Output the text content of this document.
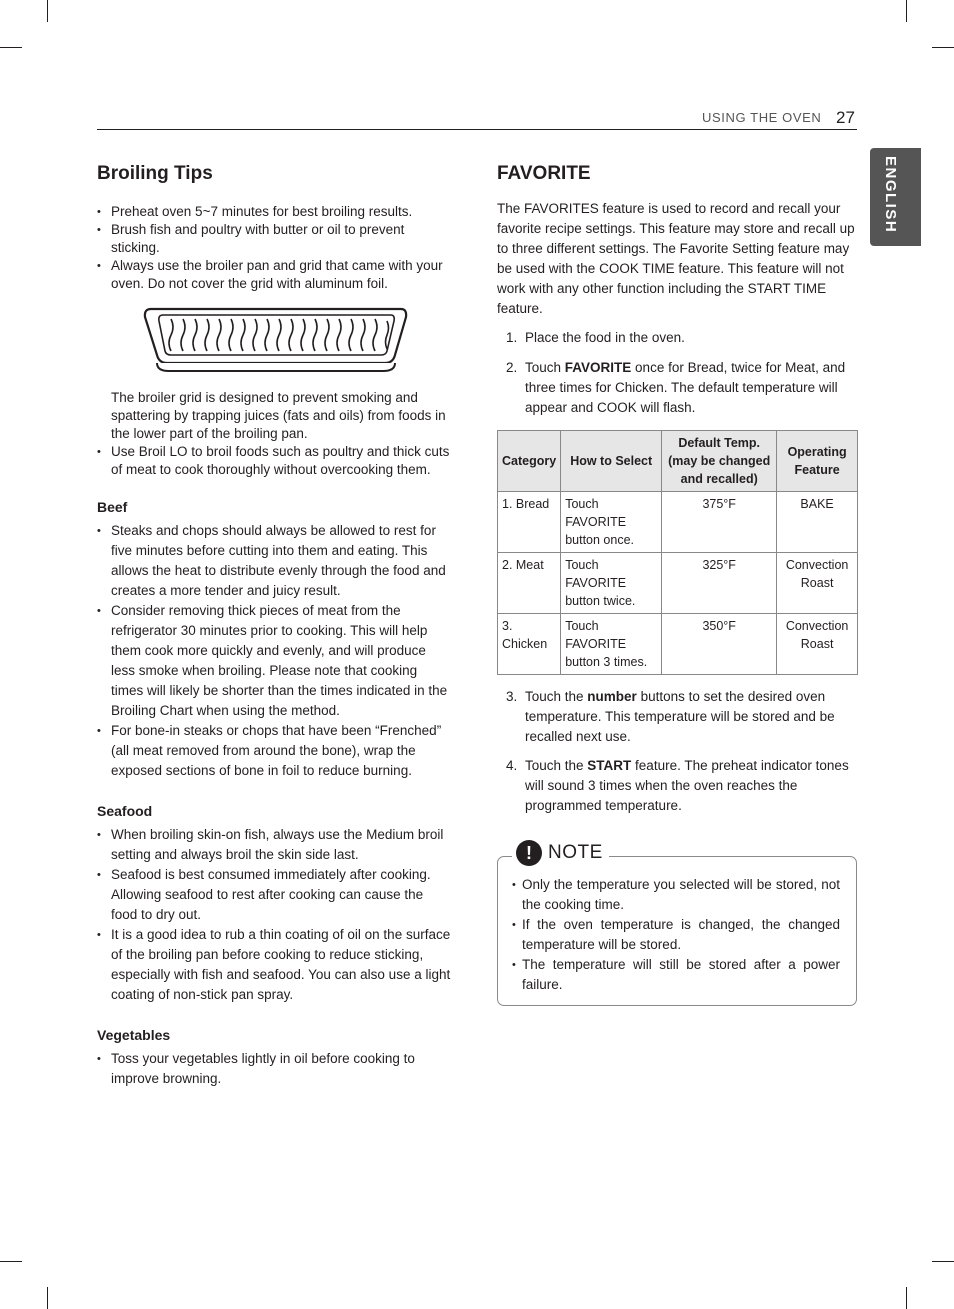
USING THE OVEN 27
ENGLISH
Broiling Tips
• Preheat oven 5~7 minutes for best broiling results.
• Brush fish and poultry with butter or oil to prevent sticking.
• Always use the broiler pan and grid that came with your oven. Do not cover the grid with aluminum foil.

The broiler grid is designed to prevent smoking and spattering by trapping juices (fats and oils) from foods in the lower part of the broiling pan.

• Use Broil LO to broil foods such as poultry and thick cuts of meat to cook thoroughly without overcooking them.
Beef
• Steaks and chops should always be allowed to rest for five minutes before cutting into them and eating. This allows the heat to distribute evenly through the food and creates a more tender and juicy result.
• Consider removing thick pieces of meat from the refrigerator 30 minutes prior to cooking. This will help them cook more quickly and evenly, and will produce less smoke when broiling. Please note that cooking times will likely be shorter than the times indicated in the Broiling Chart when using the method.
• For bone-in steaks or chops that have been “Frenched” (all meat removed from around the bone), wrap the exposed sections of bone in foil to reduce burning.
Seafood
• When broiling skin-on fish, always use the Medium broil setting and always broil the skin side last.
• Seafood is best consumed immediately after cooking. Allowing seafood to rest after cooking can cause the food to dry out.
• It is a good idea to rub a thin coating of oil on the surface of the broiling pan before cooking to reduce sticking, especially with fish and seafood. You can also use a light coating of non-stick pan spray.
Vegetables
• Toss your vegetables lightly in oil before cooking to improve browning.
FAVORITE

The FAVORITES feature is used to record and recall your favorite recipe settings. This feature may store and recall up to three different settings. The Favorite Setting feature may be used with the COOK TIME feature. This feature will not work with any other function including the START TIME feature.

1. Place the food in the oven.
2. Touch FAVORITE once for Bread, twice for Meat, and three times for Chicken. The default temperature will appear and COOK will flash.
Category	How to Select	Default Temp. (may be changed and recalled)	Operating Feature
1. Bread	Touch FAVORITE button once.	375°F	BAKE
2. Meat	Touch FAVORITE button twice.	325°F	Convection Roast
3. Chicken	Touch FAVORITE button 3 times.	350°F	Convection Roast
3. Touch the number buttons to set the desired oven temperature. This temperature will be stored and be recalled next use.
4. Touch the START feature. The preheat indicator tones will sound 3 times when the oven reaches the programmed temperature.
! NOTE
• Only the temperature you selected will be stored, not the cooking time.
• If the oven temperature is changed, the changed temperature will be stored.
• The temperature will still be stored after a power failure.
